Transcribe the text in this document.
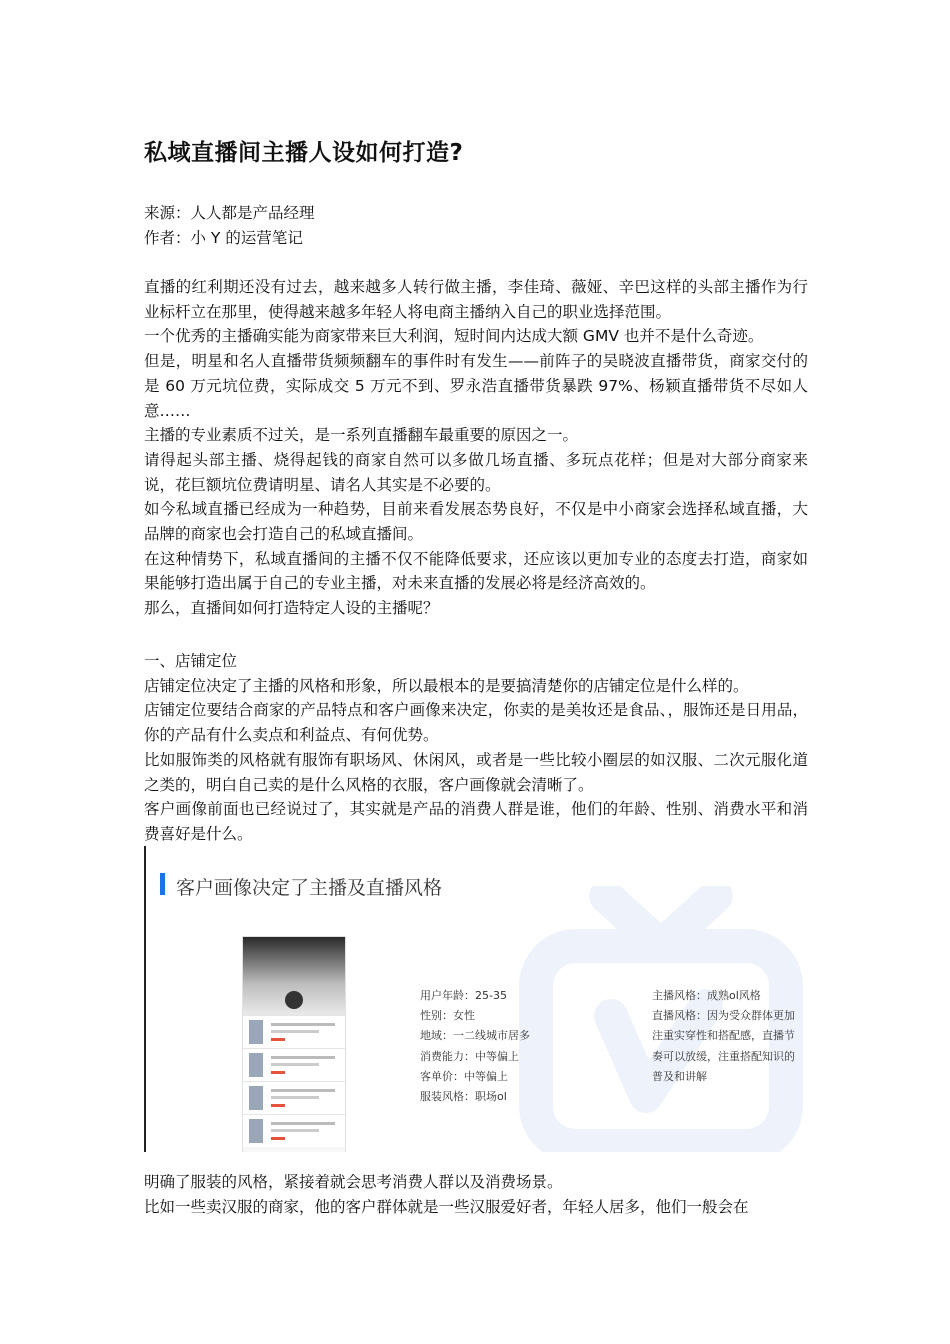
私域直播间主播人设如何打造?
来源：人人都是产品经理
作者：小 Y 的运营笔记

直播的红利期还没有过去，越来越多人转行做主播，李佳琦、薇娅、辛巴这样的头部主播作为行业标杆立在那里，使得越来越多年轻人将电商主播纳入自己的职业选择范围。

一个优秀的主播确实能为商家带来巨大利润，短时间内达成大额 GMV 也并不是什么奇迹。

但是，明星和名人直播带货频频翻车的事件时有发生——前阵子的吴晓波直播带货，商家交付的是 60 万元坑位费，实际成交 5 万元不到、罗永浩直播带货暴跌 97%、杨颖直播带货不尽如人意……

主播的专业素质不过关，是一系列直播翻车最重要的原因之一。

请得起头部主播、烧得起钱的商家自然可以多做几场直播、多玩点花样；但是对大部分商家来说，花巨额坑位费请明星、请名人其实是不必要的。

如今私域直播已经成为一种趋势，目前来看发展态势良好，不仅是中小商家会选择私域直播，大品牌的商家也会打造自己的私域直播间。

在这种情势下，私域直播间的主播不仅不能降低要求，还应该以更加专业的态度去打造，商家如果能够打造出属于自己的专业主播，对未来直播的发展必将是经济高效的。

那么，直播间如何打造特定人设的主播呢？

一、店铺定位

店铺定位决定了主播的风格和形象，所以最根本的是要搞清楚你的店铺定位是什么样的。

店铺定位要结合商家的产品特点和客户画像来决定，你卖的是美妆还是食品、，服饰还是日用品，你的产品有什么卖点和利益点、有何优势。

比如服饰类的风格就有服饰有职场风、休闲风，或者是一些比较小圈层的如汉服、二次元服化道之类的，明白自己卖的是什么风格的衣服，客户画像就会清晰了。

客户画像前面也已经说过了，其实就是产品的消费人群是谁，他们的年龄、性别、消费水平和消费喜好是什么。

客户画像决定了主播及直播风格
用户年龄：25-35
性别：女性
地域：一二线城市居多
消费能力：中等偏上
客单价：中等偏上
服装风格：职场ol
主播风格：成熟ol风格
直播风格：因为受众群体更加
注重实穿性和搭配感，直播节
奏可以放缓，注重搭配知识的
普及和讲解

明确了服装的风格，紧接着就会思考消费人群以及消费场景。

比如一些卖汉服的商家，他的客户群体就是一些汉服爱好者，年轻人居多，他们一般会在
